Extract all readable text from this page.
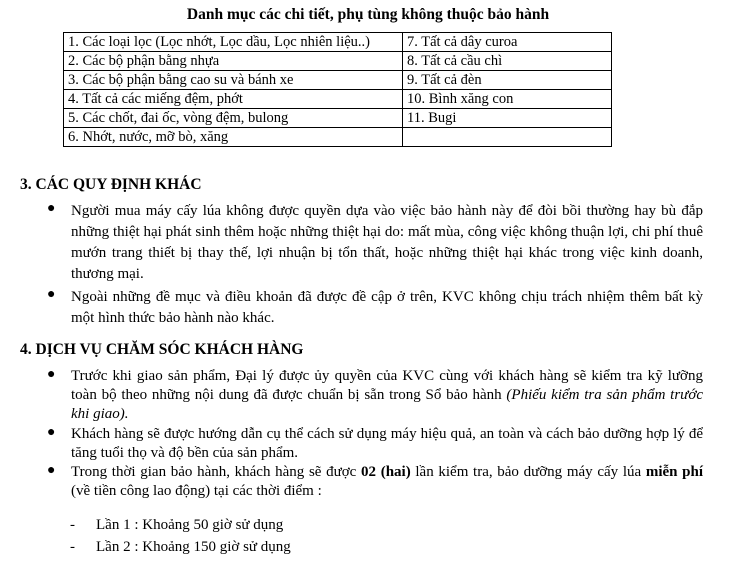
Danh mục các chi tiết, phụ tùng không thuộc bảo hành
1. Các loại lọc (Lọc nhớt, Lọc dầu, Lọc nhiên liệu..)	7. Tất cả dây curoa
2. Các bộ phận bằng nhựa	8. Tất cả cầu chì
3. Các bộ phận bằng cao su và bánh xe	9. Tất cả đèn
4. Tất cả các miếng đệm, phớt	10. Bình xăng con
5. Các chốt, đai ốc, vòng đệm, bulong	11. Bugi
6. Nhớt, nước, mỡ bò, xăng	
3. CÁC QUY ĐỊNH KHÁC
● Người mua máy cấy lúa không được quyền dựa vào việc bảo hành này để đòi bồi thường hay bù đắp những thiệt hại phát sinh thêm hoặc những thiệt hại do: mất mùa, công việc không thuận lợi, chi phí thuê mướn trang thiết bị thay thế, lợi nhuận bị tổn thất, hoặc những thiệt hại khác trong việc kinh doanh, thương mại.
● Ngoài những đề mục và điều khoản đã được đề cập ở trên, KVC không chịu trách nhiệm thêm bất kỳ một hình thức bảo hành nào khác.
4. DỊCH VỤ CHĂM SÓC KHÁCH HÀNG
● Trước khi giao sản phẩm, Đại lý được ủy quyền của KVC cùng với khách hàng sẽ kiểm tra kỹ lưỡng toàn bộ theo những nội dung đã được chuẩn bị sẵn trong Sổ bảo hành (Phiếu kiểm tra sản phẩm trước khi giao).
● Khách hàng sẽ được hướng dẫn cụ thể cách sử dụng máy hiệu quả, an toàn và cách bảo dưỡng hợp lý để tăng tuổi thọ và độ bền của sản phẩm.
● Trong thời gian bảo hành, khách hàng sẽ được 02 (hai) lần kiểm tra, bảo dưỡng máy cấy lúa miễn phí (về tiền công lao động) tại các thời điểm :
- Lần 1 : Khoảng 50 giờ sử dụng
- Lần 2 : Khoảng 150 giờ sử dụng
